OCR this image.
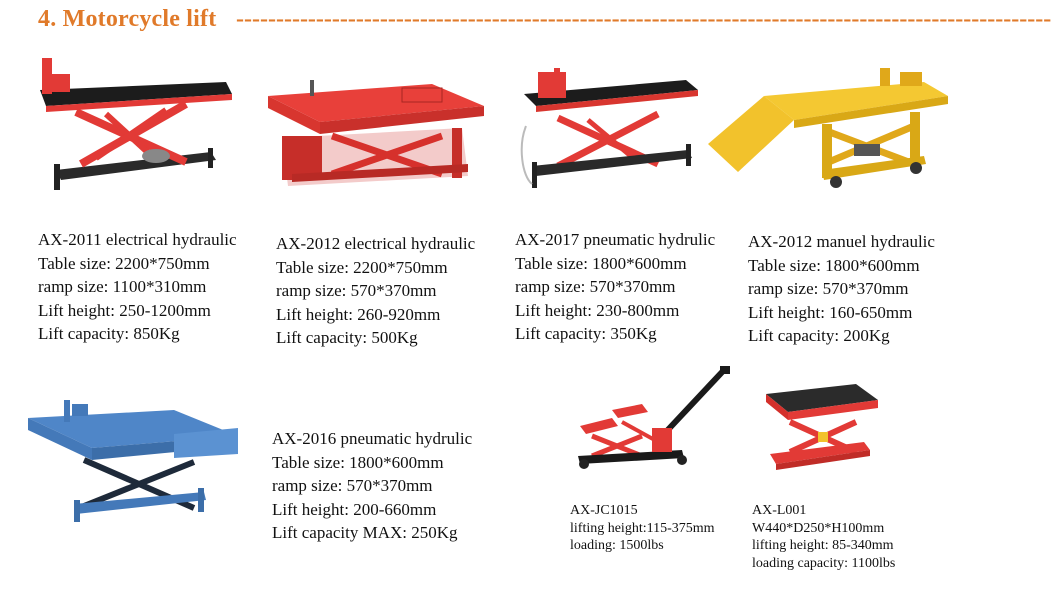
4. Motorcycle lift ------------------------------------------------------------------------------------------------------
AX-2011 electrical hydraulic
Table size: 2200*750mm
ramp size: 1100*310mm
Lift height: 250-1200mm
Lift capacity: 850Kg
AX-2012 electrical hydraulic
Table size: 2200*750mm
ramp size: 570*370mm
Lift height: 260-920mm
Lift capacity: 500Kg
AX-2017 pneumatic hydrulic
Table size: 1800*600mm
ramp size: 570*370mm
Lift height: 230-800mm
Lift capacity: 350Kg
AX-2012 manuel hydraulic
Table size: 1800*600mm
ramp size: 570*370mm
Lift height: 160-650mm
Lift capacity: 200Kg
AX-2016 pneumatic hydrulic
Table size: 1800*600mm
ramp size: 570*370mm
Lift height: 200-660mm
Lift capacity MAX: 250Kg
AX-JC1015
lifting height:115-375mm
loading: 1500lbs
AX-L001
W440*D250*H100mm
lifting height: 85-340mm
loading capacity: 1100lbs
